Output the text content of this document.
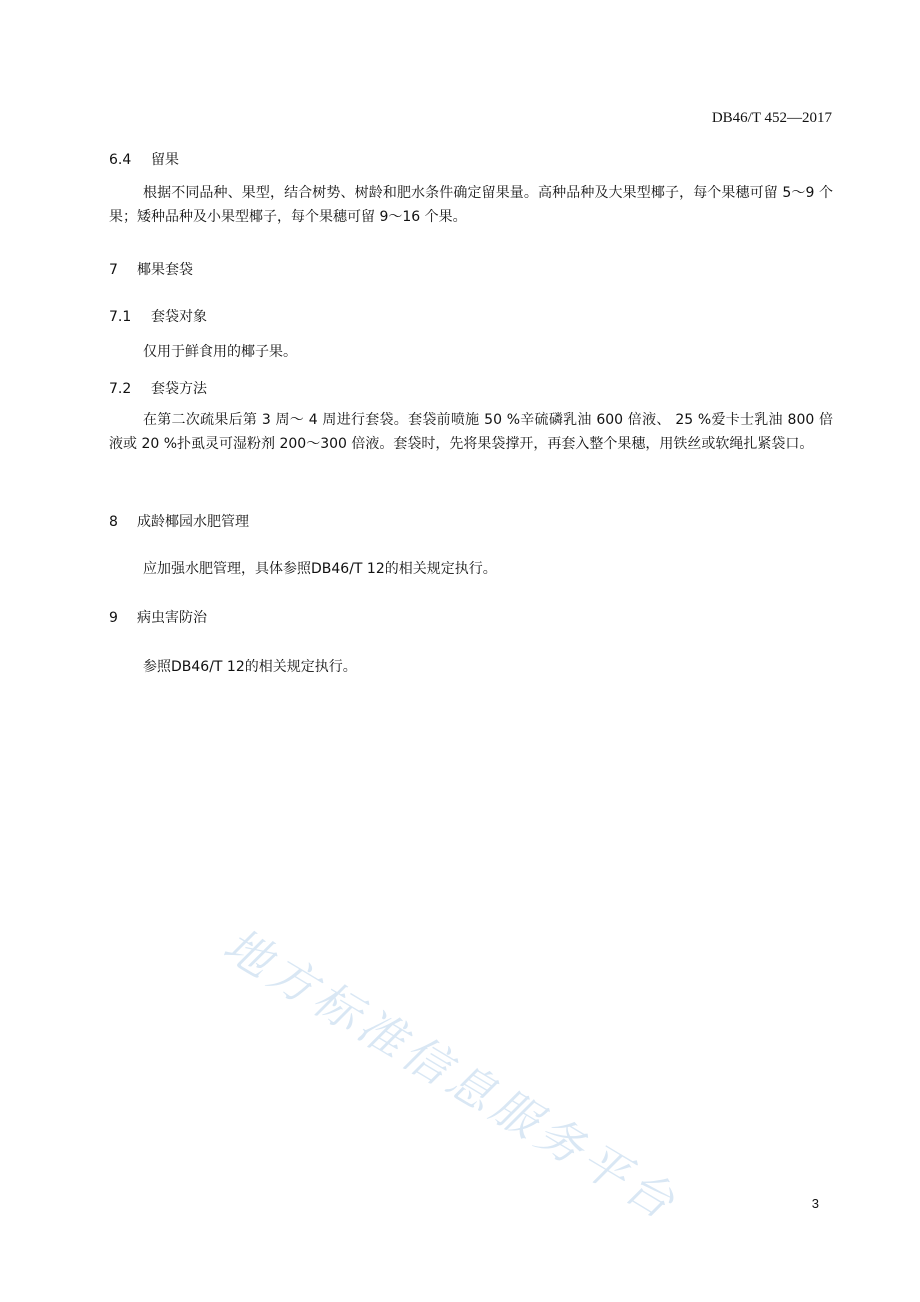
DB46/T 452—2017
6.4 留果
根据不同品种、果型，结合树势、树龄和肥水条件确定留果量。高种品种及大果型椰子，每个果穗可留 5～9 个果；矮种品种及小果型椰子，每个果穗可留 9～16 个果。
7 椰果套袋
7.1 套袋对象
仅用于鲜食用的椰子果。
7.2 套袋方法
在第二次疏果后第 3 周～ 4 周进行套袋。套袋前喷施 50 %辛硫磷乳油 600 倍液、 25 %爱卡士乳油 800 倍液或 20 %扑虱灵可湿粉剂 200～300 倍液。套袋时，先将果袋撑开，再套入整个果穗，用铁丝或软绳扎紧袋口。
8 成龄椰园水肥管理
应加强水肥管理，具体参照DB46/T 12的相关规定执行。
9 病虫害防治
参照DB46/T 12的相关规定执行。
地方标准信息服务平台	3
